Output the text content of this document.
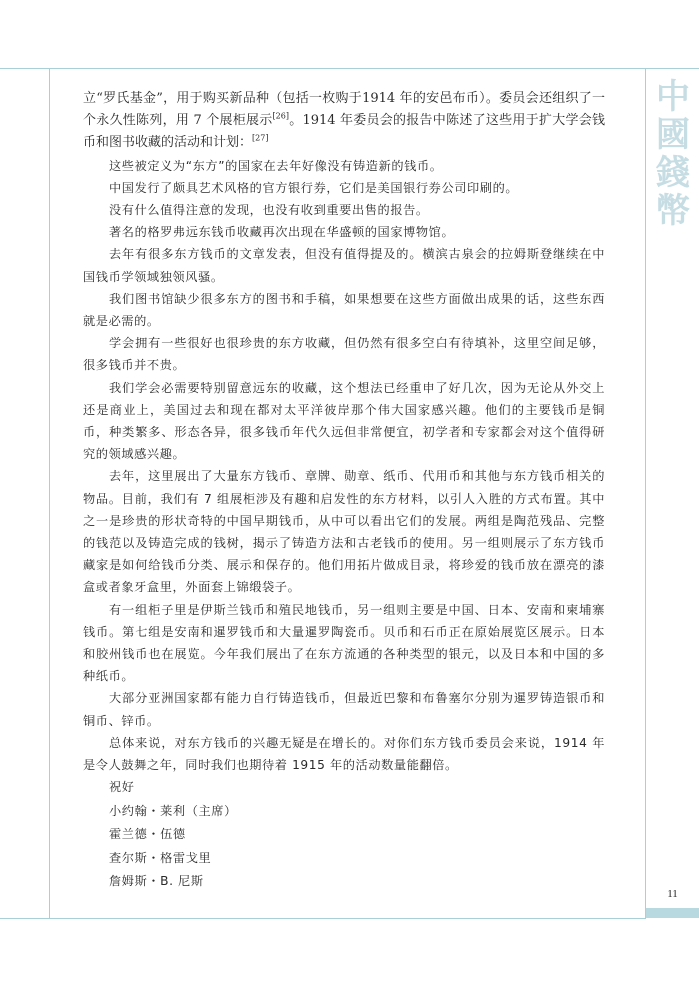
中
國
錢
幣
11

立“罗氏基金”，用于购买新品种（包括一枚购于1914 年的安邑布币）。委员会还组织了一个永久性陈列，用 7 个展柜展示[26]。1914 年委员会的报告中陈述了这些用于扩大学会钱币和图书收藏的活动和计划：[27]

这些被定义为“东方”的国家在去年好像没有铸造新的钱币。

中国发行了颇具艺术风格的官方银行券，它们是美国银行券公司印刷的。

没有什么值得注意的发现，也没有收到重要出售的报告。

著名的格罗弗远东钱币收藏再次出现在华盛顿的国家博物馆。

去年有很多东方钱币的文章发表，但没有值得提及的。横滨古泉会的拉姆斯登继续在中国钱币学领域独领风骚。

我们图书馆缺少很多东方的图书和手稿，如果想要在这些方面做出成果的话，这些东西就是必需的。

学会拥有一些很好也很珍贵的东方收藏，但仍然有很多空白有待填补，这里空间足够，很多钱币并不贵。

我们学会必需要特别留意远东的收藏，这个想法已经重申了好几次，因为无论从外交上还是商业上，美国过去和现在都对太平洋彼岸那个伟大国家感兴趣。他们的主要钱币是铜币，种类繁多、形态各异，很多钱币年代久远但非常便宜，初学者和专家都会对这个值得研究的领域感兴趣。

去年，这里展出了大量东方钱币、章牌、勋章、纸币、代用币和其他与东方钱币相关的物品。目前，我们有 7 组展柜涉及有趣和启发性的东方材料，以引人入胜的方式布置。其中之一是珍贵的形状奇特的中国早期钱币，从中可以看出它们的发展。两组是陶范残品、完整的钱范以及铸造完成的钱树，揭示了铸造方法和古老钱币的使用。另一组则展示了东方钱币藏家是如何给钱币分类、展示和保存的。他们用拓片做成目录，将珍爱的钱币放在漂亮的漆盒或者象牙盒里，外面套上锦缎袋子。

有一组柜子里是伊斯兰钱币和殖民地钱币，另一组则主要是中国、日本、安南和柬埔寨钱币。第七组是安南和暹罗钱币和大量暹罗陶瓷币。贝币和石币正在原始展览区展示。日本和胶州钱币也在展览。今年我们展出了在东方流通的各种类型的银元，以及日本和中国的多种纸币。

大部分亚洲国家都有能力自行铸造钱币，但最近巴黎和布鲁塞尔分别为暹罗铸造银币和铜币、锌币。

总体来说，对东方钱币的兴趣无疑是在增长的。对你们东方钱币委员会来说，1914 年是令人鼓舞之年，同时我们也期待着 1915 年的活动数量能翻倍。

祝好

小约翰・莱利（主席）

霍兰德・伍德

查尔斯・格雷戈里

詹姆斯・B. 尼斯
